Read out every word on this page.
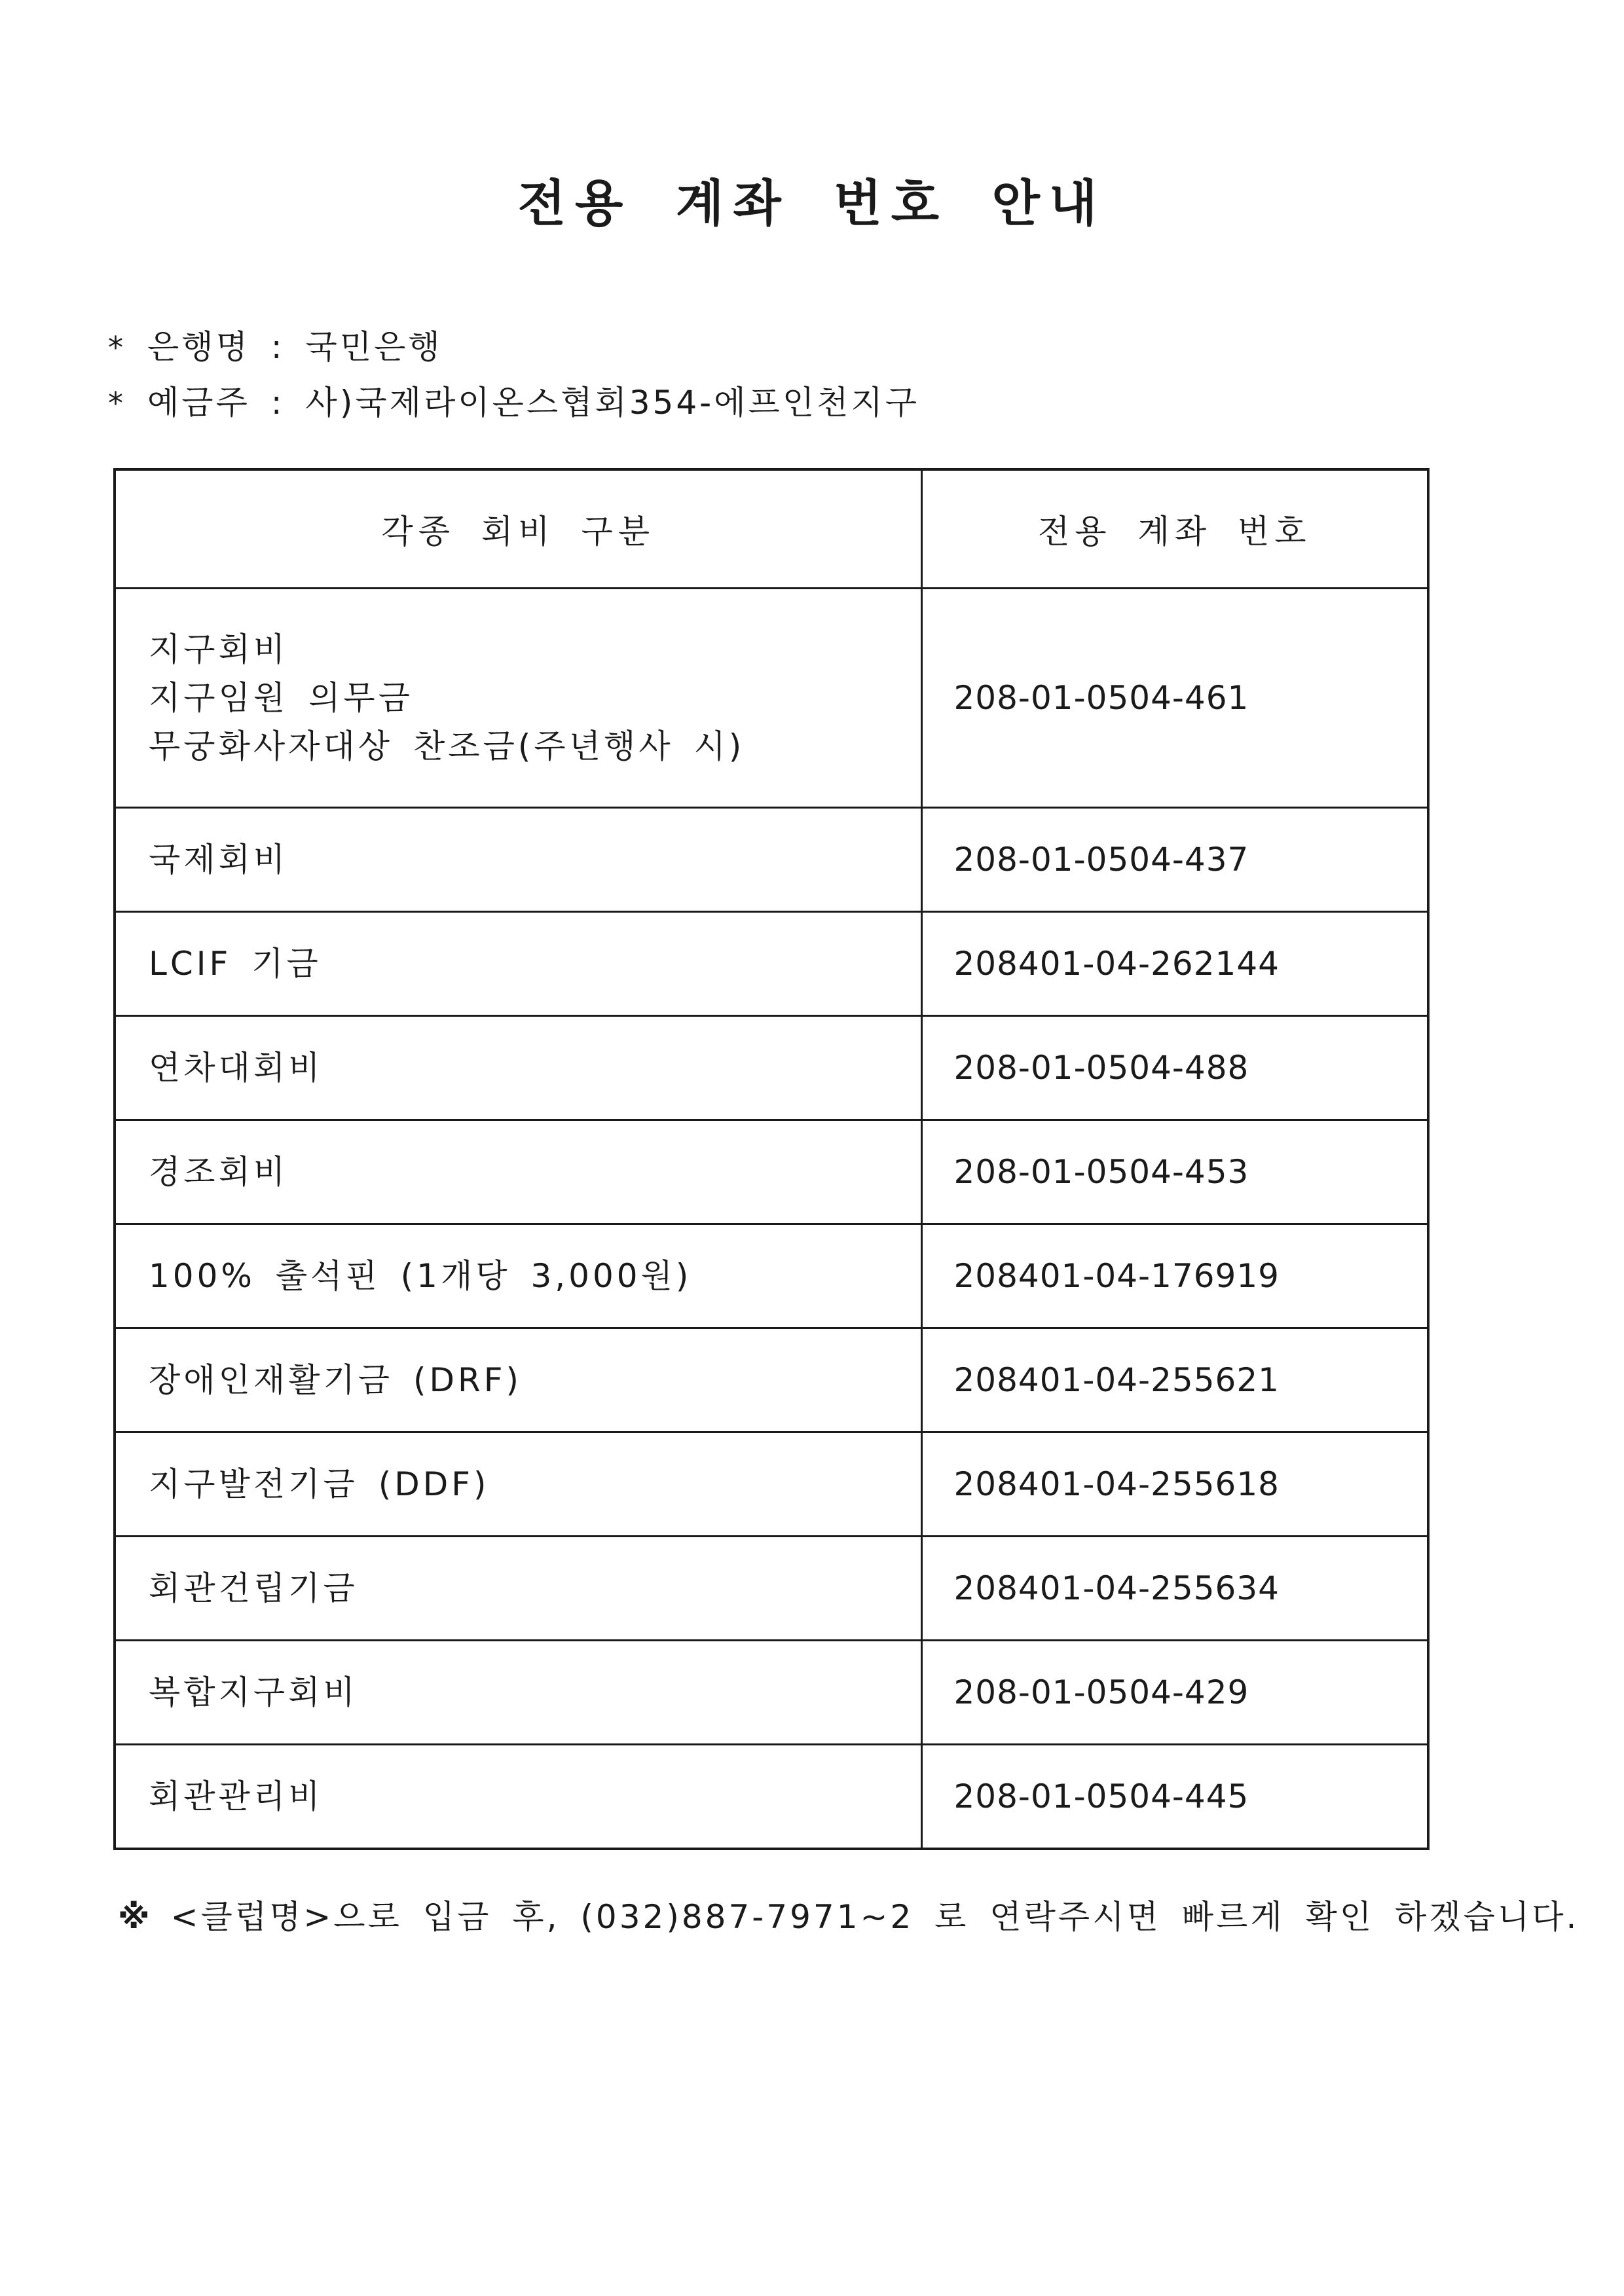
전용 계좌 번호 안내
* 은행명 : 국민은행
* 예금주 : 사)국제라이온스협회354-에프인천지구
각종 회비 구분	전용 계좌 번호

지구회비
지구임원 의무금
무궁화사자대상 찬조금(주년행사 시)	208-01-0504-461
국제회비	208-01-0504-437
LCIF 기금	208401-04-262144
연차대회비	208-01-0504-488
경조회비	208-01-0504-453
100% 출석핀 (1개당 3,000원)	208401-04-176919
장애인재활기금 (DRF)	208401-04-255621
지구발전기금 (DDF)	208401-04-255618
회관건립기금	208401-04-255634
복합지구회비	208-01-0504-429
회관관리비	208-01-0504-445
※ <클럽명>으로 입금 후, (032)887-7971~2 로 연락주시면 빠르게 확인 하겠습니다.
